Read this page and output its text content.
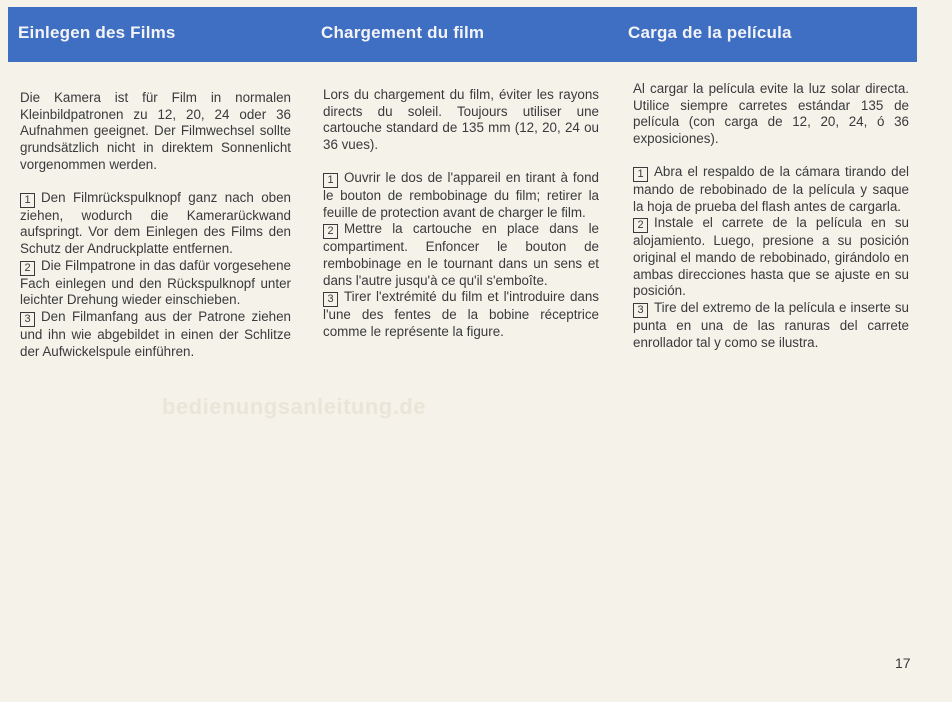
Einlegen des Films	Chargement du film	Carga de la película

Die Kamera ist für Film in normalen Kleinbildpatronen zu 12, 20, 24 oder 36 Aufnahmen geeignet. Der Filmwechsel sollte grundsätzlich nicht in direktem Sonnenlicht vorgenommen werden.

1 Den Filmrückspulknopf ganz nach oben ziehen, wodurch die Kamerarückwand aufspringt. Vor dem Einlegen des Films den Schutz der Andruckplatte entfernen.

2 Die Filmpatrone in das dafür vorgesehene Fach einlegen und den Rückspulknopf unter leichter Drehung wieder einschieben.

3 Den Filmanfang aus der Patrone ziehen und ihn wie abgebildet in einen der Schlitze der Aufwickelspule einführen.

Lors du chargement du film, éviter les rayons directs du soleil. Toujours utiliser une cartouche standard de 135 mm (12, 20, 24 ou 36 vues).

1 Ouvrir le dos de l'appareil en tirant à fond le bouton de rembobinage du film; retirer la feuille de protection avant de charger le film.

2 Mettre la cartouche en place dans le compartiment. Enfoncer le bouton de rembobinage en le tournant dans un sens et dans l'autre jusqu'à ce qu'il s'emboîte.

3 Tirer l'extrémité du film et l'introduire dans l'une des fentes de la bobine réceptrice comme le représente la figure.

Al cargar la película evite la luz solar directa. Utilice siempre carretes estándar 135 de película (con carga de 12, 20, 24, ó 36 exposiciones).

1 Abra el respaldo de la cámara tirando del mando de rebobinado de la película y saque la hoja de prueba del flash antes de cargarla.

2 Instale el carrete de la película en su alojamiento. Luego, presione a su posición original el mando de rebobinado, girándolo en ambas direcciones hasta que se ajuste en su posición.

3 Tire del extremo de la película e inserte su punta en una de las ranuras del carrete enrollador tal y como se ilustra.

bedienungsanleitung.de
17
